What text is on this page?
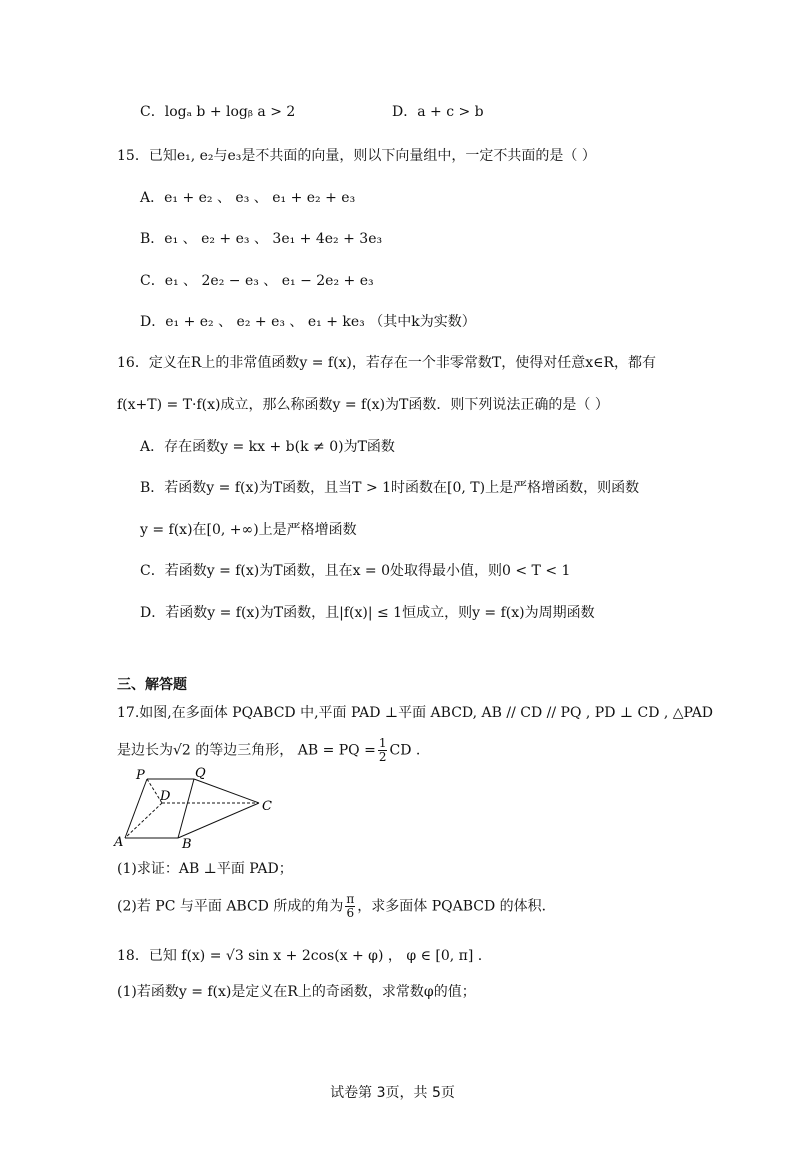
C．logₐ b + logᵦ a > 2	D．a + c > b
15．已知e₁, e₂与e₃是不共面的向量，则以下向量组中，一定不共面的是（ ）
A．e₁ + e₂ 、 e₃ 、 e₁ + e₂ + e₃
B．e₁ 、 e₂ + e₃ 、 3e₁ + 4e₂ + 3e₃
C．e₁ 、 2e₂ − e₃ 、 e₁ − 2e₂ + e₃
D．e₁ + e₂ 、 e₂ + e₃ 、 e₁ + ke₃ （其中k为实数）
16．定义在R上的非常值函数y = f(x)，若存在一个非零常数T，使得对任意x∈R，都有
f(x+T) = T·f(x)成立，那么称函数y = f(x)为T函数．则下列说法正确的是（ ）
A．存在函数y = kx + b(k ≠ 0)为T函数
B．若函数y = f(x)为T函数，且当T > 1时函数在[0, T)上是严格增函数，则函数
y = f(x)在[0, +∞)上是严格增函数
C．若函数y = f(x)为T函数，且在x = 0处取得最小值，则0 < T < 1
D．若函数y = f(x)为T函数，且|f(x)| ≤ 1恒成立，则y = f(x)为周期函数
三、解答题
17.如图,在多面体 PQABCD 中,平面 PAD ⊥平面 ABCD, AB // CD // PQ , PD ⊥ CD , △PAD
是边长为√2 的等边三角形， AB = PQ = $\frac{1}{2}$ CD .
P	Q
D
C
A	B
(1)求证：AB ⊥平面 PAD；
(2)若 PC 与平面 ABCD 所成的角为 $\frac{\pi}{6}$ ，求多面体 PQABCD 的体积．
18．已知 f(x) = √3 sin x + 2cos(x + φ) ， φ ∈ [0, π] .
(1)若函数y = f(x)是定义在R上的奇函数，求常数φ的值；
试卷第 3页，共 5页
